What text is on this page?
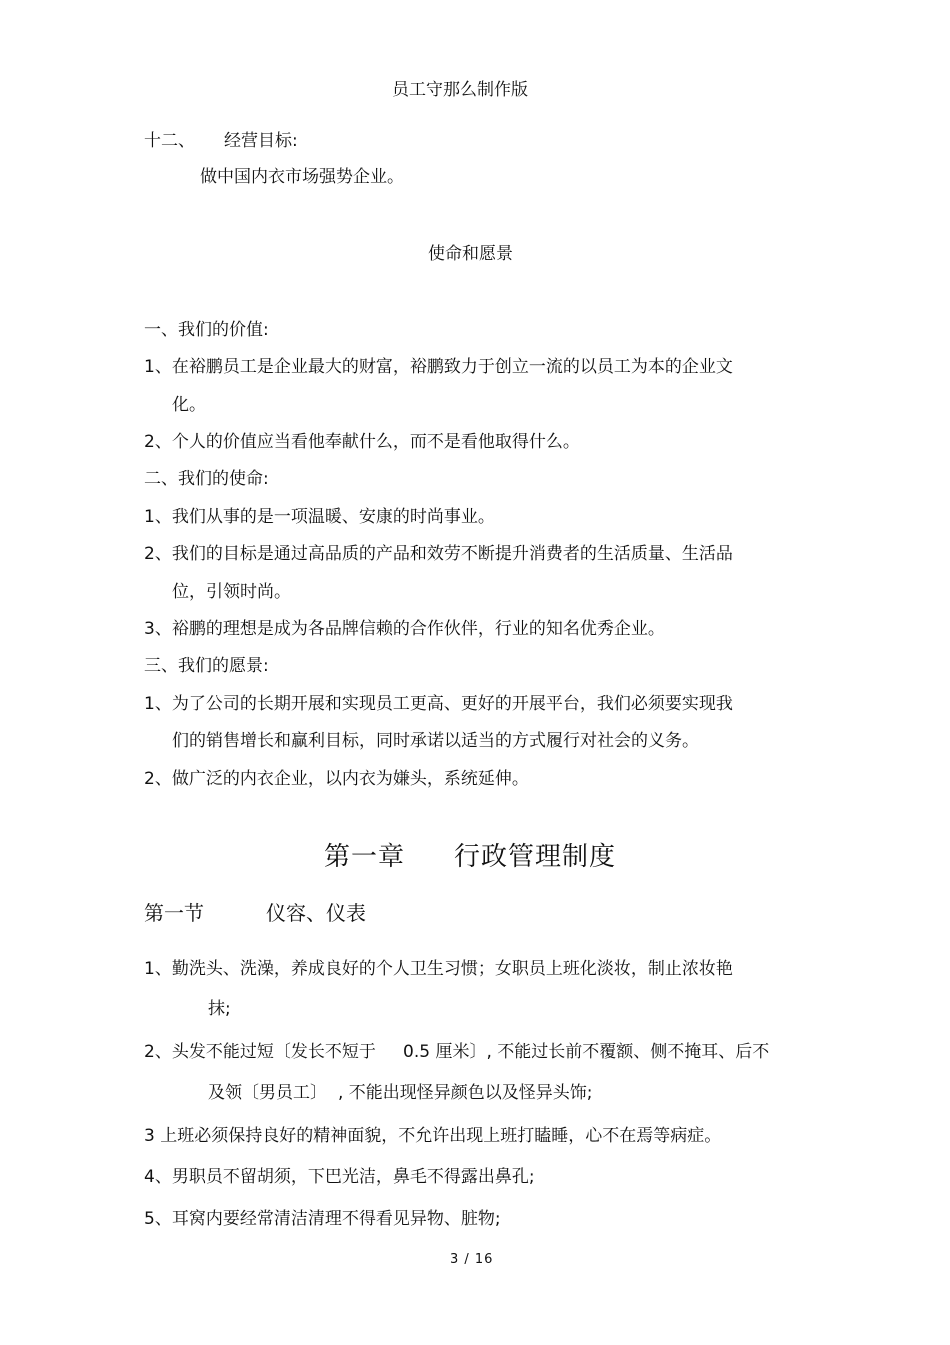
员工守那么制作版
十二、 经营目标:
做中国内衣市场强势企业。
使命和愿景
一、我们的价值:
1、在裕鹏员工是企业最大的财富，裕鹏致力于创立一流的以员工为本的企业文
化。
2、个人的价值应当看他奉献什么，而不是看他取得什么。
二、我们的使命:
1、我们从事的是一项温暖、安康的时尚事业。
2、我们的目标是通过高品质的产品和效劳不断提升消费者的生活质量、生活品
位，引领时尚。
3、裕鹏的理想是成为各品牌信赖的合作伙伴，行业的知名优秀企业。
三、我们的愿景:
1、为了公司的长期开展和实现员工更高、更好的开展平台，我们必须要实现我
们的销售增长和赢利目标，同时承诺以适当的方式履行对社会的义务。
2、做广泛的内衣企业，以内衣为嫌头，系统延伸。
第一章 行政管理制度
第一节	仪容、仪表
1、勤洗头、洗澡，养成良好的个人卫生习惯；女职员上班化淡妆，制止浓妆艳
抹;
2、头发不能过短〔发长不短于 0.5 厘米〕, 不能过长前不覆额、侧不掩耳、后不
及领〔男员工〕 , 不能出现怪异颜色以及怪异头饰;
3 上班必须保持良好的精神面貌，不允许出现上班打瞌睡，心不在焉等病症。
4、男职员不留胡须，下巴光洁，鼻毛不得露出鼻孔;
5、耳窝内要经常清洁清理不得看见异物、脏物;
3 / 16
